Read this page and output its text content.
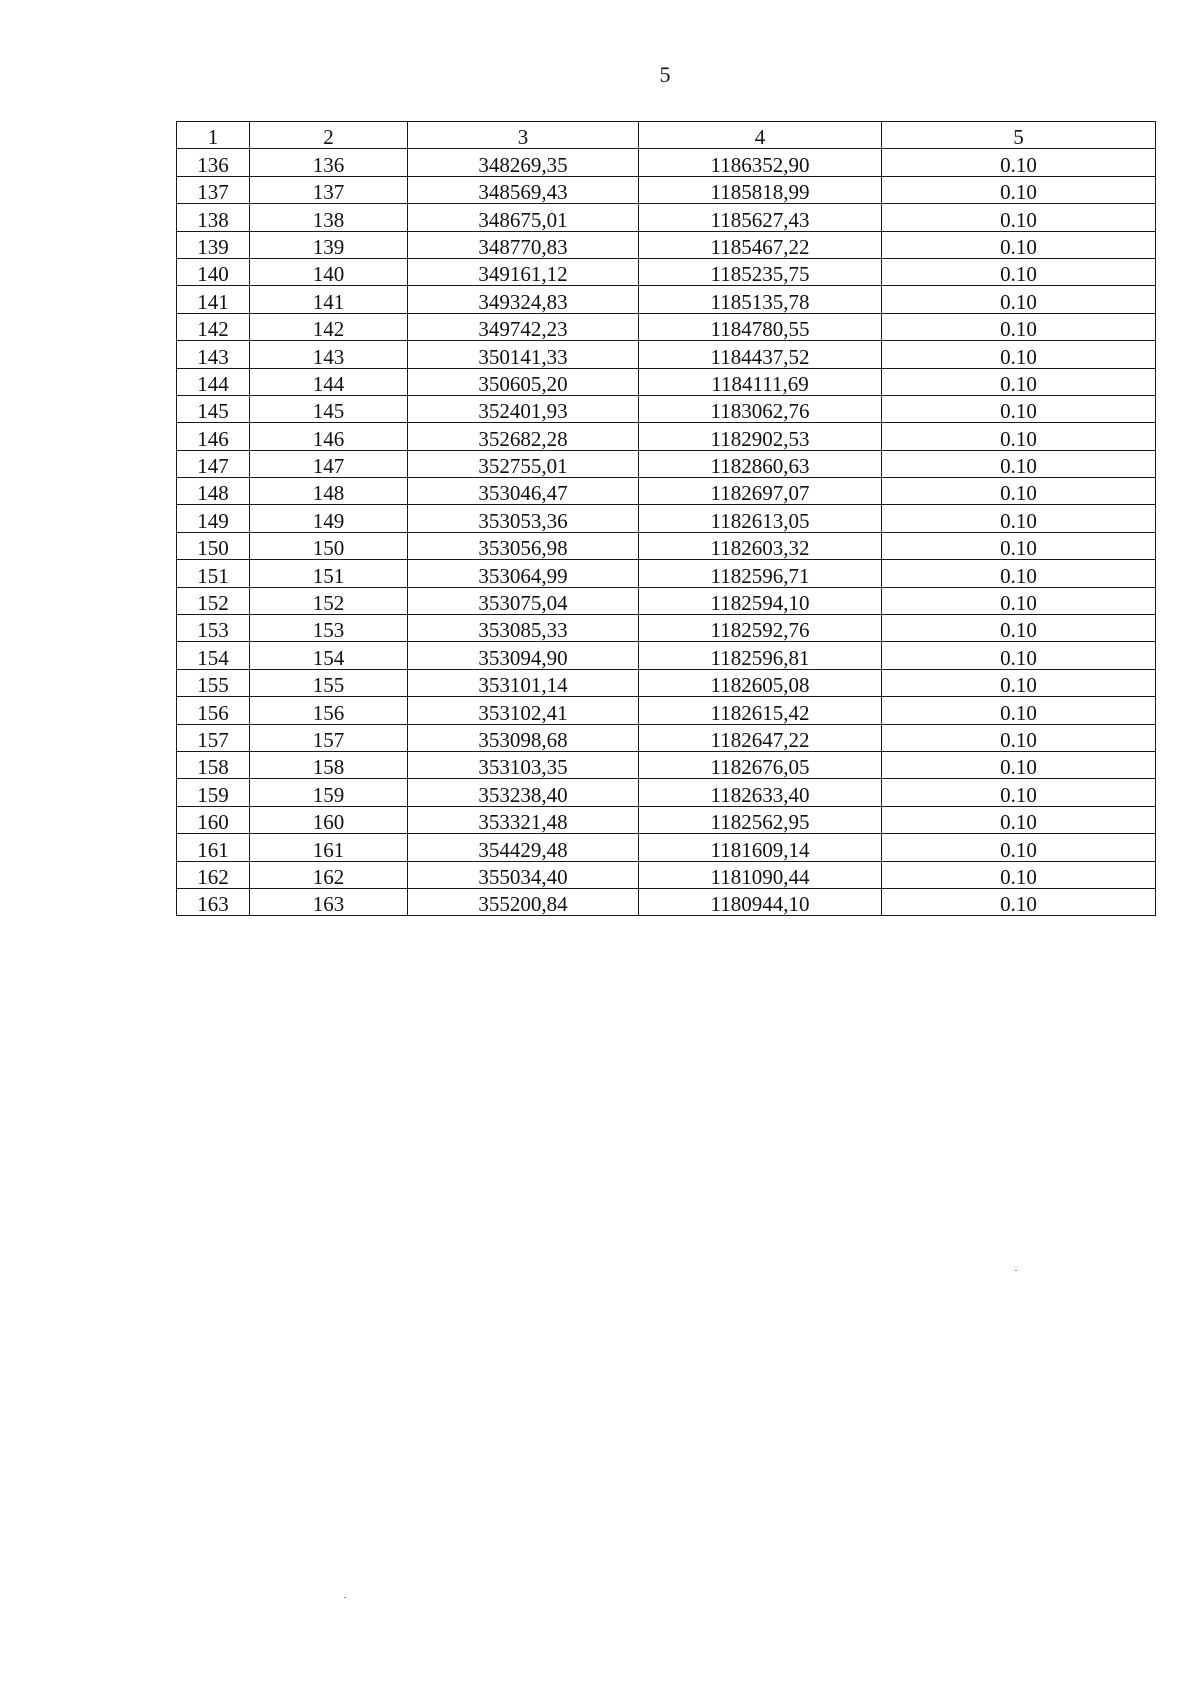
5
1	2	3	4	5
136	136	348269,35	1186352,90	0.10
137	137	348569,43	1185818,99	0.10
138	138	348675,01	1185627,43	0.10
139	139	348770,83	1185467,22	0.10
140	140	349161,12	1185235,75	0.10
141	141	349324,83	1185135,78	0.10
142	142	349742,23	1184780,55	0.10
143	143	350141,33	1184437,52	0.10
144	144	350605,20	1184111,69	0.10
145	145	352401,93	1183062,76	0.10
146	146	352682,28	1182902,53	0.10
147	147	352755,01	1182860,63	0.10
148	148	353046,47	1182697,07	0.10
149	149	353053,36	1182613,05	0.10
150	150	353056,98	1182603,32	0.10
151	151	353064,99	1182596,71	0.10
152	152	353075,04	1182594,10	0.10
153	153	353085,33	1182592,76	0.10
154	154	353094,90	1182596,81	0.10
155	155	353101,14	1182605,08	0.10
156	156	353102,41	1182615,42	0.10
157	157	353098,68	1182647,22	0.10
158	158	353103,35	1182676,05	0.10
159	159	353238,40	1182633,40	0.10
160	160	353321,48	1182562,95	0.10
161	161	354429,48	1181609,14	0.10
162	162	355034,40	1181090,44	0.10
163	163	355200,84	1180944,10	0.10
